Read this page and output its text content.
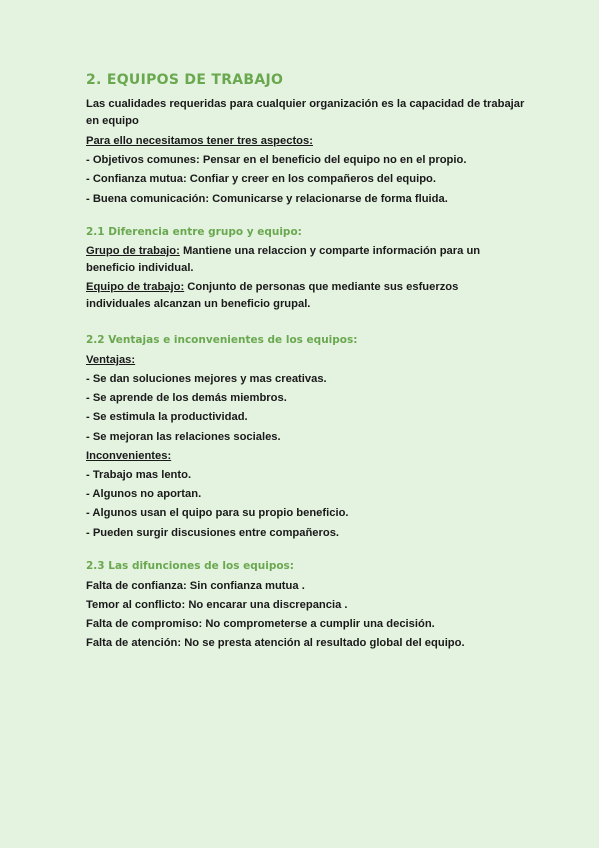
2. EQUIPOS DE TRABAJO

Las cualidades requeridas para cualquier organización es la capacidad de trabajar en equipo

Para ello necesitamos tener tres aspectos:

- Objetivos comunes: Pensar en el beneficio del equipo no en el propio.

- Confianza mutua: Confiar y creer en los compañeros del equipo.

- Buena comunicación: Comunicarse y relacionarse de forma fluida.

2.1 Diferencia entre grupo y equipo:

Grupo de trabajo: Mantiene una relaccion y comparte información para un beneficio individual.

Equipo de trabajo: Conjunto de personas que mediante sus esfuerzos individuales alcanzan un beneficio grupal.

2.2 Ventajas e inconvenientes de los equipos:

Ventajas:

- Se dan soluciones mejores y mas creativas.

- Se aprende de los demás miembros.

- Se estimula la productividad.

- Se mejoran las relaciones sociales.

Inconvenientes:

- Trabajo mas lento.

- Algunos no aportan.

- Algunos usan el quipo para su propio beneficio.

- Pueden surgir discusiones entre compañeros.

2.3 Las difunciones de los equipos:

Falta de confianza: Sin confianza mutua .

Temor al conflicto: No encarar una discrepancia .

Falta de compromiso: No comprometerse a cumplir una decisión.

Falta de atención: No se presta atención al resultado global del equipo.
